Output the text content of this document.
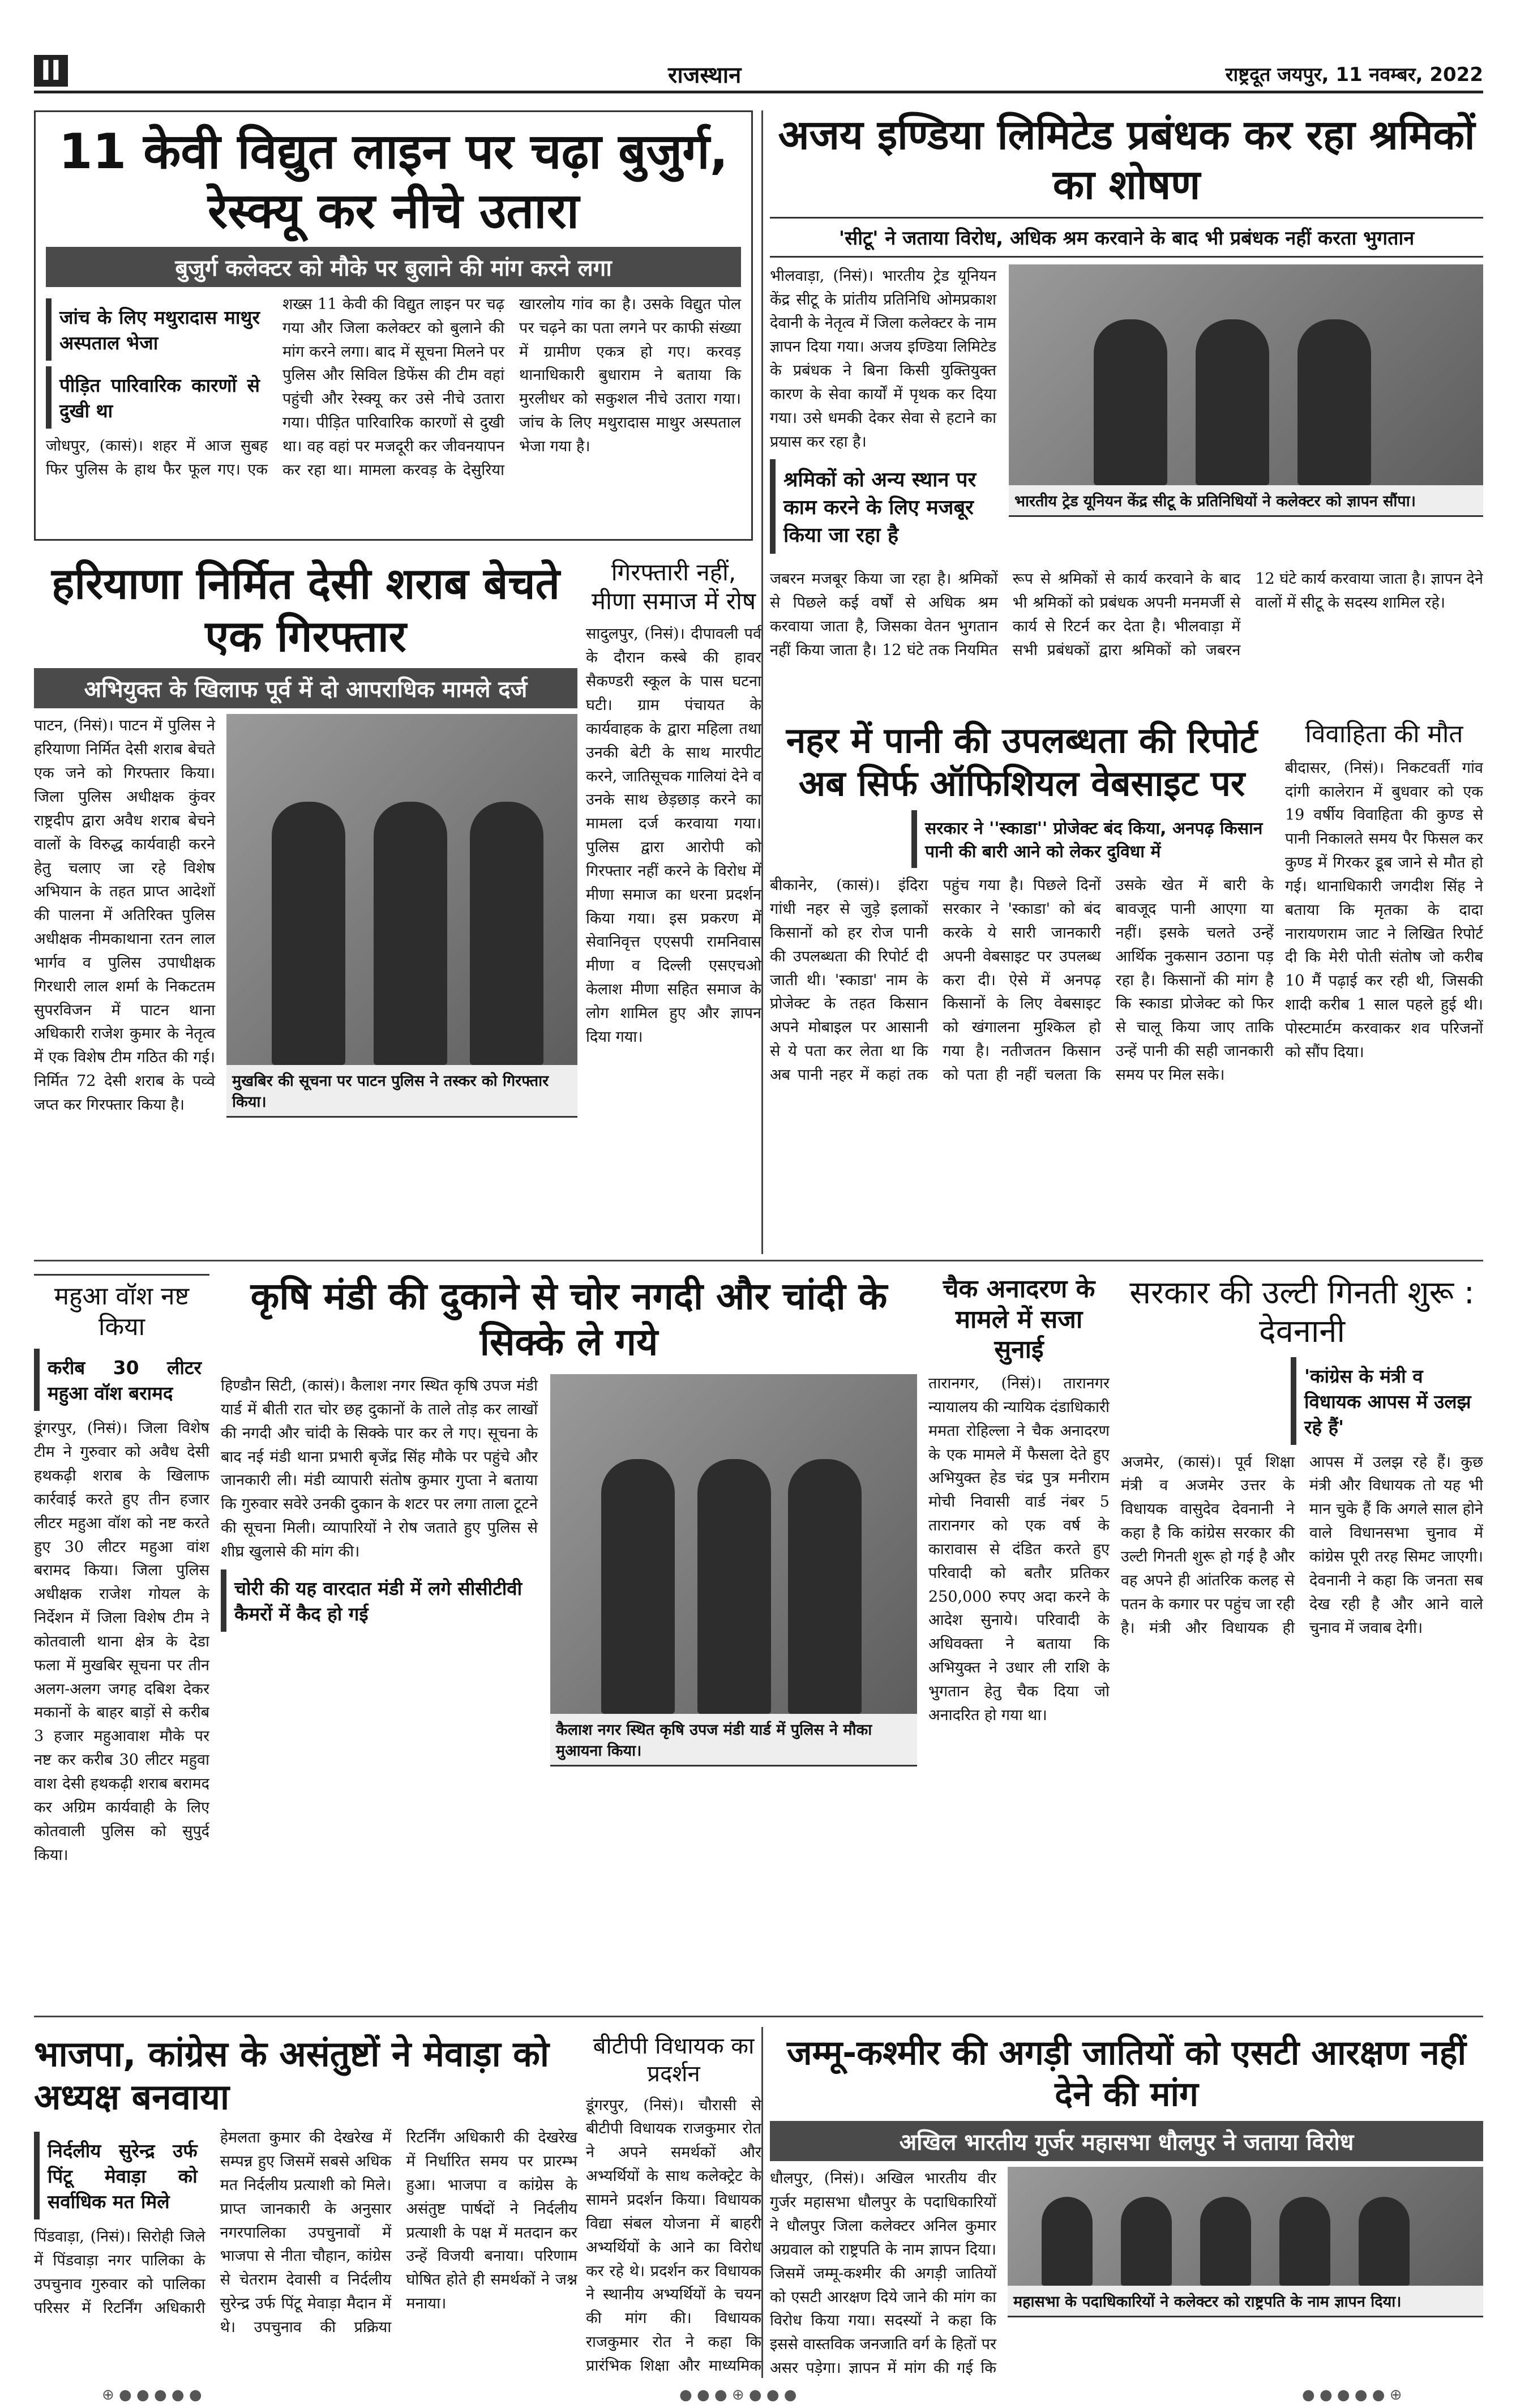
II	राजस्थान	राष्ट्रदूत जयपुर, 11 नवम्बर, 2022
11 केवी विद्युत लाइन पर चढ़ा बुजुर्ग, रेस्क्यू कर नीचे उतारा
बुजुर्ग कलेक्टर को मौके पर बुलाने की मांग करने लगा
जांच के लिए मथुरादास माथुर अस्पताल भेजा
पीड़ित पारिवारिक कारणों से दुखी था

जोधपुर, (कासं)। शहर में आज सुबह फिर पुलिस के हाथ फैर फूल गए। एक शख्स 11 केवी की विद्युत लाइन पर चढ़ गया और जिला कलेक्टर को बुलाने की मांग करने लगा। बाद में सूचना मिलने पर पुलिस और सिविल डिफेंस की टीम वहां पहुंची और रेस्क्यू कर उसे नीचे उतारा गया। पीड़ित पारिवारिक कारणों से दुखी था। वह वहां पर मजदूरी कर जीवनयापन कर रहा था। मामला करवड़ के देसुरिया खारलोय गांव का है। उसके विद्युत पोल पर चढ़ने का पता लगने पर काफी संख्या में ग्रामीण एकत्र हो गए। करवड़ थानाधिकारी बुधाराम ने बताया कि मुरलीधर को सकुशल नीचे उतारा गया। जांच के लिए मथुरादास माथुर अस्पताल भेजा गया है।

अजय इण्डिया लिमिटेड प्रबंधक कर रहा श्रमिकों का शोषण
'सीटू' ने जताया विरोध, अधिक श्रम करवाने के बाद भी प्रबंधक नहीं करता भुगतान

भीलवाड़ा, (निसं)। भारतीय ट्रेड यूनियन केंद्र सीटू के प्रांतीय प्रतिनिधि ओमप्रकाश देवानी के नेतृत्व में जिला कलेक्टर के नाम ज्ञापन दिया गया। अजय इण्डिया लिमिटेड के प्रबंधक ने बिना किसी युक्तियुक्त कारण के सेवा कार्यों में पृथक कर दिया गया। उसे धमकी देकर सेवा से हटाने का प्रयास कर रहा है।

श्रमिकों को अन्य स्थान पर काम करने के लिए मजबूर किया जा रहा है
भारतीय ट्रेड यूनियन केंद्र सीटू के प्रतिनिधियों ने कलेक्टर को ज्ञापन सौंपा।

जबरन मजबूर किया जा रहा है। श्रमिकों से पिछले कई वर्षों से अधिक श्रम करवाया जाता है, जिसका वेतन भुगतान नहीं किया जाता है। 12 घंटे तक नियमित रूप से श्रमिकों से कार्य करवाने के बाद भी श्रमिकों को प्रबंधक अपनी मनमर्जी से कार्य से रिटर्न कर देता है। भीलवाड़ा में सभी प्रबंधकों द्वारा श्रमिकों को जबरन 12 घंटे कार्य करवाया जाता है। ज्ञापन देने वालों में सीटू के सदस्य शामिल रहे।

हरियाणा निर्मित देसी शराब बेचते एक गिरफ्तार
अभियुक्त के खिलाफ पूर्व में दो आपराधिक मामले दर्ज

पाटन, (निसं)। पाटन में पुलिस ने हरियाणा निर्मित देसी शराब बेचते एक जने को गिरफ्तार किया। जिला पुलिस अधीक्षक कुंवर राष्ट्रदीप द्वारा अवैध शराब बेचने वालों के विरुद्ध कार्यवाही करने हेतु चलाए जा रहे विशेष अभियान के तहत प्राप्त आदेशों की पालना में अतिरिक्त पुलिस अधीक्षक नीमकाथाना रतन लाल भार्गव व पुलिस उपाधीक्षक गिरधारी लाल शर्मा के निकटतम सुपरविजन में पाटन थाना अधिकारी राजेश कुमार के नेतृत्व में एक विशेष टीम गठित की गई। निर्मित 72 देसी शराब के पव्वे जप्त कर गिरफ्तार किया है।

मुखबिर की सूचना पर पाटन पुलिस ने तस्कर को गिरफ्तार किया।
गिरफ्तारी नहीं, मीणा समाज में रोष

सादुलपुर, (निसं)। दीपावली पर्व के दौरान कस्बे की हावर सैकण्डरी स्कूल के पास घटना घटी। ग्राम पंचायत के कार्यवाहक के द्वारा महिला तथा उनकी बेटी के साथ मारपीट करने, जातिसूचक गालियां देने व उनके साथ छेड़छाड़ करने का मामला दर्ज करवाया गया। पुलिस द्वारा आरोपी को गिरफ्तार नहीं करने के विरोध में मीणा समाज का धरना प्रदर्शन किया गया। इस प्रकरण में सेवानिवृत्त एएसपी रामनिवास मीणा व दिल्ली एसएचओ केलाश मीणा सहित समाज के लोग शामिल हुए और ज्ञापन दिया गया।

नहर में पानी की उपलब्धता की रिपोर्ट अब सिर्फ ऑफिशियल वेबसाइट पर
सरकार ने ''स्काडा'' प्रोजेक्ट बंद किया, अनपढ़ किसान पानी की बारी आने को लेकर दुविधा में

बीकानेर, (कासं)। इंदिरा गांधी नहर से जुड़े इलाकों किसानों को हर रोज पानी की उपलब्धता की रिपोर्ट दी जाती थी। 'स्काडा' नाम के प्रोजेक्ट के तहत किसान अपने मोबाइल पर आसानी से ये पता कर लेता था कि अब पानी नहर में कहां तक पहुंच गया है। पिछले दिनों सरकार ने 'स्काडा' को बंद करके ये सारी जानकारी अपनी वेबसाइट पर उपलब्ध करा दी। ऐसे में अनपढ़ किसानों के लिए वेबसाइट को खंगालना मुश्किल हो गया है। नतीजतन किसान को पता ही नहीं चलता कि उसके खेत में बारी के बावजूद पानी आएगा या नहीं। इसके चलते उन्हें आर्थिक नुकसान उठाना पड़ रहा है। किसानों की मांग है कि स्काडा प्रोजेक्ट को फिर से चालू किया जाए ताकि उन्हें पानी की सही जानकारी समय पर मिल सके।

विवाहिता की मौत

बीदासर, (निसं)। निकटवर्ती गांव दांगी कालेरान में बुधवार को एक 19 वर्षीय विवाहिता की कुण्ड से पानी निकालते समय पैर फिसल कर कुण्ड में गिरकर डूब जाने से मौत हो गई। थानाधिकारी जगदीश सिंह ने बताया कि मृतका के दादा नारायणराम जाट ने लिखित रिपोर्ट दी कि मेरी पोती संतोष जो करीब 10 मैं पढ़ाई कर रही थी, जिसकी शादी करीब 1 साल पहले हुई थी। पोस्टमार्टम करवाकर शव परिजनों को सौंप दिया।

महुआ वॉश नष्ट किया
करीब 30 लीटर महुआ वॉश बरामद

डूंगरपुर, (निसं)। जिला विशेष टीम ने गुरुवार को अवैध देसी हथकढ़ी शराब के खिलाफ कार्रवाई करते हुए तीन हजार लीटर महुआ वॉश को नष्ट करते हुए 30 लीटर महुआ वांश बरामद किया। जिला पुलिस अधीक्षक राजेश गोयल के निर्देशन में जिला विशेष टीम ने कोतवाली थाना क्षेत्र के देडा फला में मुखबिर सूचना पर तीन अलग-अलग जगह दबिश देकर मकानों के बाहर बाड़ों से करीब 3 हजार महुआवाश मौके पर नष्ट कर करीब 30 लीटर महुवा वाश देसी हथकढ़ी शराब बरामद कर अग्रिम कार्यवाही के लिए कोतवाली पुलिस को सुपुर्द किया।

कृषि मंडी की दुकाने से चोर नगदी और चांदी के सिक्के ले गये

हिण्डौन सिटी, (कासं)। कैलाश नगर स्थित कृषि उपज मंडी यार्ड में बीती रात चोर छह दुकानों के ताले तोड़ कर लाखों की नगदी और चांदी के सिक्के पार कर ले गए। सूचना के बाद नई मंडी थाना प्रभारी बृजेंद्र सिंह मौके पर पहुंचे और जानकारी ली। मंडी व्यापारी संतोष कुमार गुप्ता ने बताया कि गुरुवार सवेरे उनकी दुकान के शटर पर लगा ताला टूटने की सूचना मिली। व्यापारियों ने रोष जताते हुए पुलिस से शीघ्र खुलासे की मांग की।

चोरी की यह वारदात मंडी में लगे सीसीटीवी कैमरों में कैद हो गई
कैलाश नगर स्थित कृषि उपज मंडी यार्ड में पुलिस ने मौका मुआयना किया।
चैक अनादरण के मामले में सजा सुनाई

तारानगर, (निसं)। तारानगर न्यायालय की न्यायिक दंडाधिकारी ममता रोहिल्ला ने चैक अनादरण के एक मामले में फैसला देते हुए अभियुक्त हेड चंद्र पुत्र मनीराम मोची निवासी वार्ड नंबर 5 तारानगर को एक वर्ष के कारावास से दंडित करते हुए परिवादी को बतौर प्रतिकर 250,000 रुपए अदा करने के आदेश सुनाये। परिवादी के अधिवक्ता ने बताया कि अभियुक्त ने उधार ली राशि के भुगतान हेतु चैक दिया जो अनादरित हो गया था।

सरकार की उल्टी गिनती शुरू : देवनानी
'कांग्रेस के मंत्री व विधायक आपस में उलझ रहे हैं'

अजमेर, (कासं)। पूर्व शिक्षा मंत्री व अजमेर उत्तर के विधायक वासुदेव देवनानी ने कहा है कि कांग्रेस सरकार की उल्टी गिनती शुरू हो गई है और वह अपने ही आंतरिक कलह से पतन के कगार पर पहुंच जा रही है। मंत्री और विधायक ही आपस में उलझ रहे हैं। कुछ मंत्री और विधायक तो यह भी मान चुके हैं कि अगले साल होने वाले विधानसभा चुनाव में कांग्रेस पूरी तरह सिमट जाएगी। देवनानी ने कहा कि जनता सब देख रही है और आने वाले चुनाव में जवाब देगी।

भाजपा, कांग्रेस के असंतुष्टों ने मेवाड़ा को अध्यक्ष बनवाया
निर्दलीय सुरेन्द्र उर्फ पिंटू मेवाड़ा को सर्वाधिक मत मिले

पिंडवाड़ा, (निसं)। सिरोही जिले में पिंडवाड़ा नगर पालिका के उपचुनाव गुरुवार को पालिका परिसर में रिटर्निंग अधिकारी हेमलता कुमार की देखरेख में सम्पन्न हुए जिसमें सबसे अधिक मत निर्दलीय प्रत्याशी को मिले। प्राप्त जानकारी के अनुसार नगरपालिका उपचुनावों में भाजपा से नीता चौहान, कांग्रेस से चेतराम देवासी व निर्दलीय सुरेन्द्र उर्फ पिंटू मेवाड़ा मैदान में थे। उपचुनाव की प्रक्रिया रिटर्निंग अधिकारी की देखरेख में निर्धारित समय पर प्रारम्भ हुआ। भाजपा व कांग्रेस के असंतुष्ट पार्षदों ने निर्दलीय प्रत्याशी के पक्ष में मतदान कर उन्हें विजयी बनाया। परिणाम घोषित होते ही समर्थकों ने जश्न मनाया।

बीटीपी विधायक का प्रदर्शन

डूंगरपुर, (निसं)। चौरासी से बीटीपी विधायक राजकुमार रोत ने अपने समर्थकों और अभ्यर्थियों के साथ कलेक्ट्रेट के सामने प्रदर्शन किया। विधायक विद्या संबल योजना में बाहरी अभ्यर्थियों के आने का विरोध कर रहे थे। प्रदर्शन कर विधायक ने स्थानीय अभ्यर्थियों के चयन की मांग की। विधायक राजकुमार रोत ने कहा कि प्रारंभिक शिक्षा और माध्यमिक

जम्मू-कश्मीर की अगड़ी जातियों को एसटी आरक्षण नहीं देने की मांग
अखिल भारतीय गुर्जर महासभा धौलपुर ने जताया विरोध

धौलपुर, (निसं)। अखिल भारतीय वीर गुर्जर महासभा धौलपुर के पदाधिकारियों ने धौलपुर जिला कलेक्टर अनिल कुमार अग्रवाल को राष्ट्रपति के नाम ज्ञापन दिया। जिसमें जम्मू-कश्मीर की अगड़ी जातियों को एसटी आरक्षण दिये जाने की मांग का विरोध किया गया। सदस्यों ने कहा कि इससे वास्तविक जनजाति वर्ग के हितों पर असर पड़ेगा। ज्ञापन में मांग की गई कि

महासभा के पदाधिकारियों ने कलेक्टर को राष्ट्रपति के नाम ज्ञापन दिया।
⊕ ● ● ● ● ●	● ● ● ⊕ ● ● ●	● ● ● ● ● ⊕
